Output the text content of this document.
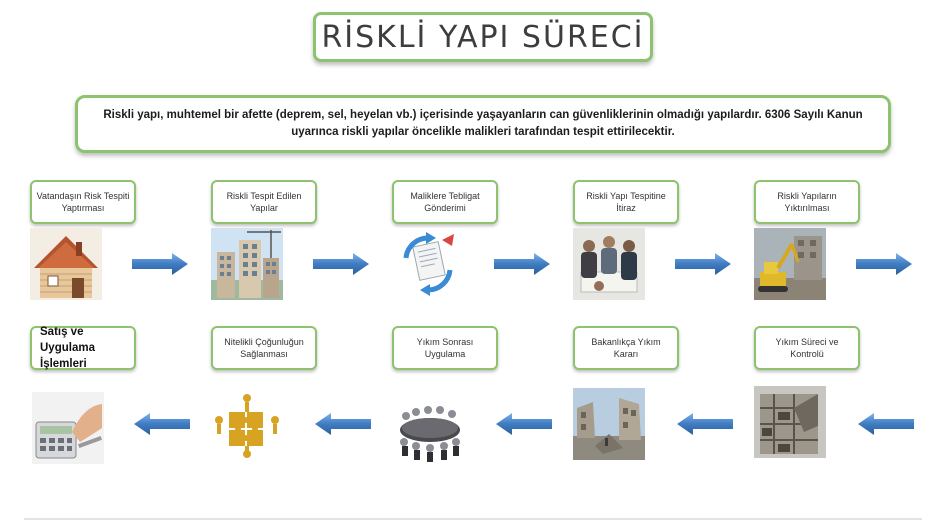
RİSKLİ YAPI SÜRECİ
Riskli yapı, muhtemel bir afette (deprem, sel, heyelan vb.) içerisinde yaşayanların can güvenliklerinin olmadığı yapılardır. 6306 Sayılı Kanun uyarınca riskli yapılar öncelikle malikleri tarafından tespit ettirilecektir.
Vatandaşın Risk Tespiti Yaptırması
Riskli Tespit Edilen Yapılar
Maliklere Tebligat Gönderimi
Riskli Yapı Tespitine İtiraz
Riskli Yapıların Yıktırılması
Satış ve Uygulama İşlemleri
Nitelikli Çoğunluğun Sağlanması
Yıkım Sonrası Uygulama
Bakanlıkça Yıkım Kararı
Yıkım Süreci ve Kontrolü
